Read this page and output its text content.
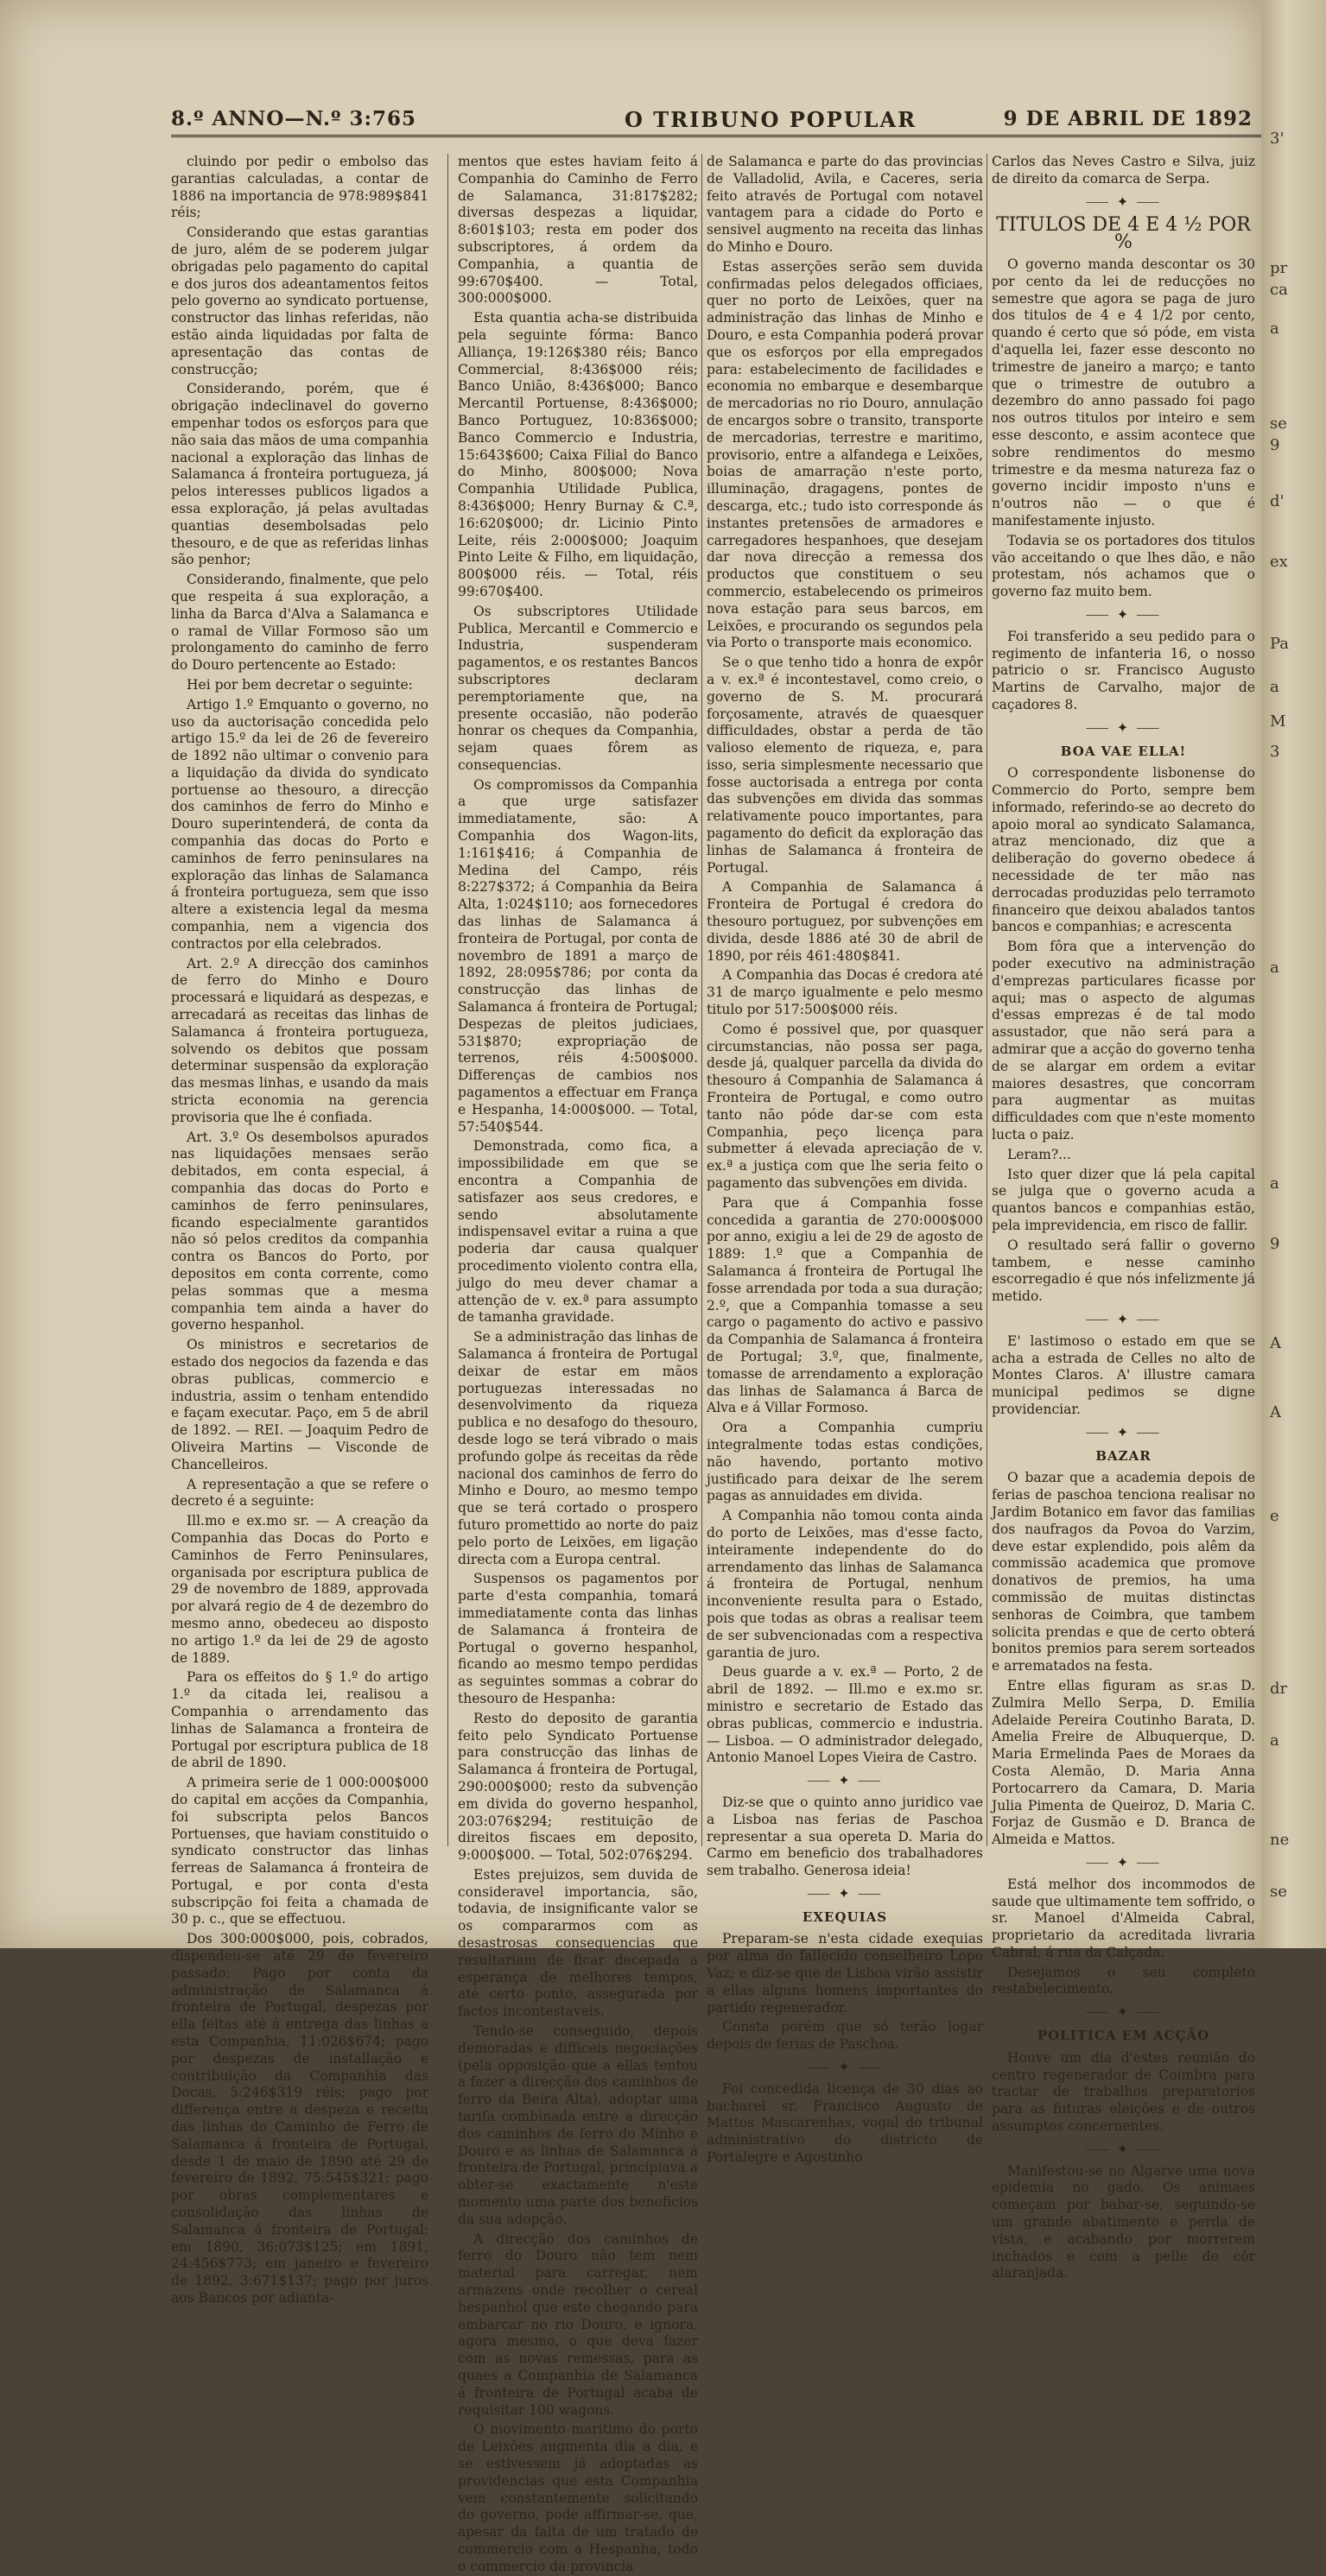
8.º ANNO—N.º 3:765	O TRIBUNO POPULAR	9 DE ABRIL DE 1892

cluindo por pedir o embolso das garantias calculadas, a contar de 1886 na importancia de 978:989$841 réis;

Considerando que estas garantias de juro, além de se poderem julgar obrigadas pelo pagamento do capital e dos juros dos adeantamentos feitos pelo governo ao syndicato portuense, constructor das linhas referidas, não estão ainda liquidadas por falta de apresentação das contas de construcção;

Considerando, porém, que é obrigação indeclinavel do governo empenhar todos os esforços para que não saia das mãos de uma companhia nacional a exploração das linhas de Salamanca á fronteira portugueza, já pelos interesses publicos ligados a essa exploração, já pelas avultadas quantias desembolsadas pelo thesouro, e de que as referidas linhas são penhor;

Considerando, finalmente, que pelo que respeita á sua exploração, a linha da Barca d'Alva a Salamanca e o ramal de Villar Formoso são um prolongamento do caminho de ferro do Douro pertencente ao Estado:

Hei por bem decretar o seguinte:

Artigo 1.º Emquanto o governo, no uso da auctorisação concedida pelo artigo 15.º da lei de 26 de fevereiro de 1892 não ultimar o convenio para a liquidação da divida do syndicato portuense ao thesouro, a direcção dos caminhos de ferro do Minho e Douro superintenderá, de conta da companhia das docas do Porto e caminhos de ferro peninsulares na exploração das linhas de Salamanca á fronteira portugueza, sem que isso altere a existencia legal da mesma companhia, nem a vigencia dos contractos por ella celebrados.

Art. 2.º A direcção dos caminhos de ferro do Minho e Douro processará e liquidará as despezas, e arrecadará as receitas das linhas de Salamanca á fronteira portugueza, solvendo os debitos que possam determinar suspensão da exploração das mesmas linhas, e usando da mais stricta economia na gerencia provisoria que lhe é confiada.

Art. 3.º Os desembolsos apurados nas liquidações mensaes serão debitados, em conta especial, á companhia das docas do Porto e caminhos de ferro peninsulares, ficando especialmente garantidos não só pelos creditos da companhia contra os Bancos do Porto, por depositos em conta corrente, como pelas sommas que a mesma companhia tem ainda a haver do governo hespanhol.

Os ministros e secretarios de estado dos negocios da fazenda e das obras publicas, commercio e industria, assim o tenham entendido e façam executar. Paço, em 5 de abril de 1892. — REI. — Joaquim Pedro de Oliveira Martins — Visconde de Chancelleiros.

A representação a que se refere o decreto é a seguinte:

Ill.mo e ex.mo sr. — A creação da Companhia das Docas do Porto e Caminhos de Ferro Peninsulares, organisada por escriptura publica de 29 de novembro de 1889, approvada por alvará regio de 4 de dezembro do mesmo anno, obedeceu ao disposto no artigo 1.º da lei de 29 de agosto de 1889.

Para os effeitos do § 1.º do artigo 1.º da citada lei, realisou a Companhia o arrendamento das linhas de Salamanca a fronteira de Portugal por escriptura publica de 18 de abril de 1890.

A primeira serie de 1 000:000$000 do capital em acções da Companhia, foi subscripta pelos Bancos Portuenses, que haviam constituido o syndicato constructor das linhas ferreas de Salamanca á fronteira de Portugal, e por conta d'esta subscripção foi feita a chamada de 30 p. c., que se effectuou.

Dos 300:000$000, pois, cobrados, dispendeu-se até 29 de fevereiro passado: Pago por conta da administração de Salamanca á fronteira de Portugal, despezas por ella feitas até á entrega das linhas a esta Companhia, 11:026$674; pago por despezas de installação e contribuição da Companhia das Docas, 5:246$319 réis; pago por differença entre a despeza e receita das linhas do Caminho de Ferro de Salamanca á fronteira de Portugal, desde 1 de maio de 1890 até 29 de fevereiro de 1892, 75:545$321; pago por obras complementares e consolidação das linhas de Salamanca á fronteira de Portugal: em 1890, 36:073$125; em 1891, 24:456$773; em janeiro e fevereiro de 1892, 3:671$137; pago por juros aos Bancos por adianta-

mentos que estes haviam feito á Companhia do Caminho de Ferro de Salamanca, 31:817$282; diversas despezas a liquidar, 8:601$103; resta em poder dos subscriptores, á ordem da Companhia, a quantia de 99:670$400. — Total, 300:000$000.

Esta quantia acha-se distribuida pela seguinte fórma: Banco Alliança, 19:126$380 réis; Banco Commercial, 8:436$000 réis; Banco União, 8:436$000; Banco Mercantil Portuense, 8:436$000; Banco Portuguez, 10:836$000; Banco Commercio e Industria, 15:643$600; Caixa Filial do Banco do Minho, 800$000; Nova Companhia Utilidade Publica, 8:436$000; Henry Burnay & C.ª, 16:620$000; dr. Licinio Pinto Leite, réis 2:000$000; Joaquim Pinto Leite & Filho, em liquidação, 800$000 réis. — Total, réis 99:670$400.

Os subscriptores Utilidade Publica, Mercantil e Commercio e Industria, suspenderam pagamentos, e os restantes Bancos subscriptores declaram peremptoriamente que, na presente occasião, não poderão honrar os cheques da Companhia, sejam quaes fôrem as consequencias.

Os compromissos da Companhia a que urge satisfazer immediatamente, são: A Companhia dos Wagon-lits, 1:161$416; á Companhia de Medina del Campo, réis 8:227$372; á Companhia da Beira Alta, 1:024$110; aos fornecedores das linhas de Salamanca á fronteira de Portugal, por conta de novembro de 1891 a março de 1892, 28:095$786; por conta da construcção das linhas de Salamanca á fronteira de Portugal; Despezas de pleitos judiciaes, 531$870; expropriação de terrenos, réis 4:500$000. Differenças de cambios nos pagamentos a effectuar em França e Hespanha, 14:000$000. — Total, 57:540$544.

Demonstrada, como fica, a impossibilidade em que se encontra a Companhia de satisfazer aos seus credores, e sendo absolutamente indispensavel evitar a ruina a que poderia dar causa qualquer procedimento violento contra ella, julgo do meu dever chamar a attenção de v. ex.ª para assumpto de tamanha gravidade.

Se a administração das linhas de Salamanca á fronteira de Portugal deixar de estar em mãos portuguezas interessadas no desenvolvimento da riqueza publica e no desafogo do thesouro, desde logo se terá vibrado o mais profundo golpe ás receitas da rêde nacional dos caminhos de ferro do Minho e Douro, ao mesmo tempo que se terá cortado o prospero futuro promettido ao norte do paiz pelo porto de Leixões, em ligação directa com a Europa central.

Suspensos os pagamentos por parte d'esta companhia, tomará immediatamente conta das linhas de Salamanca á fronteira de Portugal o governo hespanhol, ficando ao mesmo tempo perdidas as seguintes sommas a cobrar do thesouro de Hespanha:

Resto do deposito de garantia feito pelo Syndicato Portuense para construcção das linhas de Salamanca á fronteira de Portugal, 290:000$000; resto da subvenção em divida do governo hespanhol, 203:076$294; restituição de direitos fiscaes em deposito, 9:000$000. — Total, 502:076$294.

Estes prejuizos, sem duvida de consideravel importancia, são, todavia, de insignificante valor se os compararmos com as desastrosas consequencias que resultariam de ficar decepada a esperança de melhores tempos, até certo ponto, assegurada por factos incontestaveis.

Tendo-se conseguido, depois demoradas e difficeis negociações (pela opposição que a ellas tentou a fazer a direcção dos caminhos de ferro da Beira Alta), adoptar uma tarifa combinada entre a direcção dos caminhos de ferro do Minho e Douro e as linhas de Salamanca á fronteira de Portugal, principiava a obter-se exactamente n'este momento uma parte dos beneficios da sua adopção.

A direcção dos caminhos de ferro do Douro não tem nem material para carregar, nem armazens onde recolher o cereal hespanhol que este chegando para embarcar no rio Douro, e ignora, agora mesmo, o que deva fazer com as novas remessas, para as quaes a Companhia de Salamanca á fronteira de Portugal acaba de requisitar 100 wagons.

O movimento maritimo do porto de Leixões augmenta dia a dia, e se estivessem já adoptadas as providencias que esta Companhia vem constantemente solicitando do governo, pode affirmar-se, que, apesar da falta de um tratado de commercio com a Hespanha, todo o commercio da provincia

de Salamanca e parte do das provincias de Valladolid, Avila, e Caceres, seria feito através de Portugal com notavel vantagem para a cidade do Porto e sensivel augmento na receita das linhas do Minho e Douro.

Estas asserções serão sem duvida confirmadas pelos delegados officiaes, quer no porto de Leixões, quer na administração das linhas de Minho e Douro, e esta Companhia poderá provar que os esforços por ella empregados para: estabelecimento de facilidades e economia no embarque e desembarque de mercadorias no rio Douro, annulação de encargos sobre o transito, transporte de mercadorias, terrestre e maritimo, provisorio, entre a alfandega e Leixões, boias de amarração n'este porto, illuminação, dragagens, pontes de descarga, etc.; tudo isto corresponde ás instantes pretensões de armadores e carregadores hespanhoes, que desejam dar nova direcção a remessa dos productos que constituem o seu commercio, estabelecendo os primeiros nova estação para seus barcos, em Leixões, e procurando os segundos pela via Porto o transporte mais economico.

Se o que tenho tido a honra de expôr a v. ex.ª é incontestavel, como creio, o governo de S. M. procurará forçosamente, através de quaesquer difficuldades, obstar a perda de tão valioso elemento de riqueza, e, para isso, seria simplesmente necessario que fosse auctorisada a entrega por conta das subvenções em divida das sommas relativamente pouco importantes, para pagamento do deficit da exploração das linhas de Salamanca á fronteira de Portugal.

A Companhia de Salamanca á Fronteira de Portugal é credora do thesouro portuguez, por subvenções em divida, desde 1886 até 30 de abril de 1890, por réis 461:480$841.

A Companhia das Docas é credora até 31 de março igualmente e pelo mesmo titulo por 517:500$000 réis.

Como é possivel que, por quasquer circumstancias, não possa ser paga, desde já, qualquer parcella da divida do thesouro á Companhia de Salamanca á Fronteira de Portugal, e como outro tanto não póde dar-se com esta Companhia, peço licença para submetter á elevada apreciação de v. ex.ª a justiça com que lhe seria feito o pagamento das subvenções em divida.

Para que á Companhia fosse concedida a garantia de 270:000$000 por anno, exigiu a lei de 29 de agosto de 1889: 1.º que a Companhia de Salamanca á fronteira de Portugal lhe fosse arrendada por toda a sua duração; 2.º, que a Companhia tomasse a seu cargo o pagamento do activo e passivo da Companhia de Salamanca á fronteira de Portugal; 3.º, que, finalmente, tomasse de arrendamento a exploração das linhas de Salamanca á Barca de Alva e á Villar Formoso.

Ora a Companhia cumpriu integralmente todas estas condições, não havendo, portanto motivo justificado para deixar de lhe serem pagas as annuidades em divida.

A Companhia não tomou conta ainda do porto de Leixões, mas d'esse facto, inteiramente independente do do arrendamento das linhas de Salamanca á fronteira de Portugal, nenhum inconveniente resulta para o Estado, pois que todas as obras a realisar teem de ser subvencionadas com a respectiva garantia de juro.

Deus guarde a v. ex.ª — Porto, 2 de abril de 1892. — Ill.mo e ex.mo sr. ministro e secretario de Estado das obras publicas, commercio e industria. — Lisboa. — O administrador delegado, Antonio Manoel Lopes Vieira de Castro.

⸺ ✦ ⸺

Diz-se que o quinto anno juridico vae a Lisboa nas ferias de Paschoa representar a sua opereta D. Maria do Carmo em beneficio dos trabalhadores sem trabalho. Generosa ideia!

⸺ ✦ ⸺
EXEQUIAS

Preparam-se n'esta cidade exequias por alma do fallecido conselheiro Lopo Vaz; e diz-se que de Lisboa virão assistir a ellas alguns homens importantes do partido regenerador.

Consta porém que só terão logar depois de ferias de Paschoa.

⸺ ✦ ⸺

Foi concedida licença de 30 dias ao bacharel sr. Francisco Augusto de Mattos Mascarenhas, vogal do tribunal administrativo do districto de Portalegre e Agostinho

Carlos das Neves Castro e Silva, juiz de direito da comarca de Serpa.

⸺ ✦ ⸺
TITULOS DE 4 E 4 ½ POR %

O governo manda descontar os 30 por cento da lei de reducções no semestre que agora se paga de juro dos titulos de 4 e 4 1/2 por cento, quando é certo que só póde, em vista d'aquella lei, fazer esse desconto no trimestre de janeiro a março; e tanto que o trimestre de outubro a dezembro do anno passado foi pago nos outros titulos por inteiro e sem esse desconto, e assim acontece que sobre rendimentos do mesmo trimestre e da mesma natureza faz o governo incidir imposto n'uns e n'outros não — o que é manifestamente injusto.

Todavia se os portadores dos titulos vão acceitando o que lhes dão, e não protestam, nós achamos que o governo faz muito bem.

⸺ ✦ ⸺

Foi transferido a seu pedido para o regimento de infanteria 16, o nosso patricio o sr. Francisco Augusto Martins de Carvalho, major de caçadores 8.

⸺ ✦ ⸺
BOA VAE ELLA!

O correspondente lisbonense do Commercio do Porto, sempre bem informado, referindo-se ao decreto do apoio moral ao syndicato Salamanca, atraz mencionado, diz que a deliberação do governo obedece á necessidade de ter mão nas derrocadas produzidas pelo terramoto financeiro que deixou abalados tantos bancos e companhias; e acrescenta

Bom fôra que a intervenção do poder executivo na administração d'emprezas particulares ficasse por aqui; mas o aspecto de algumas d'essas emprezas é de tal modo assustador, que não será para a admirar que a acção do governo tenha de se alargar em ordem a evitar maiores desastres, que concorram para augmentar as muitas difficuldades com que n'este momento lucta o paiz.

Leram?...

Isto quer dizer que lá pela capital se julga que o governo acuda a quantos bancos e companhias estão, pela imprevidencia, em risco de fallir.

O resultado será fallir o governo tambem, e nesse caminho escorregadio é que nós infelizmente já metido.

⸺ ✦ ⸺

E' lastimoso o estado em que se acha a estrada de Celles no alto de Montes Claros. A' illustre camara municipal pedimos se digne providenciar.

⸺ ✦ ⸺
BAZAR

O bazar que a academia depois de ferias de paschoa tenciona realisar no Jardim Botanico em favor das familias dos naufragos da Povoa do Varzim, deve estar explendido, pois alêm da commissão academica que promove donativos de premios, ha uma commissão de muitas distinctas senhoras de Coimbra, que tambem solicita prendas e que de certo obterá bonitos premios para serem sorteados e arrematados na festa.

Entre ellas figuram as sr.as D. Zulmira Mello Serpa, D. Emilia Adelaide Pereira Coutinho Barata, D. Amelia Freire de Albuquerque, D. Maria Ermelinda Paes de Moraes da Costa Alemão, D. Maria Anna Portocarrero da Camara, D. Maria Julia Pimenta de Queiroz, D. Maria C. Forjaz de Gusmão e D. Branca de Almeida e Mattos.

⸺ ✦ ⸺

Está melhor dos incommodos de saude que ultimamente tem soffrido, o sr. Manoel d'Almeida Cabral, proprietario da acreditada livraria Cabral, á rua da Calçada.

Desejamos o seu completo restabelecimento.

⸺ ✦ ⸺
POLITICA EM ACÇÃO

Houve um dia d'estes reunião do centro regenerador de Coimbra para tractar de trabalhos preparatorios para as futuras eleições e de outros assumptos concernentes.

⸺ ✦ ⸺

Manifestou-se no Algarve uma nova epidemia no gado. Os animaes começam por babar-se, seguindo-se um grande abatimento e perda de vista, e acabando por morrerem inchados e com a pelle de côr alaranjada.

3'
pr
ca
a
se
9
d'
ex
Pa
a
M
3
a
a
9
A
A
e
dr
a
ne
se
